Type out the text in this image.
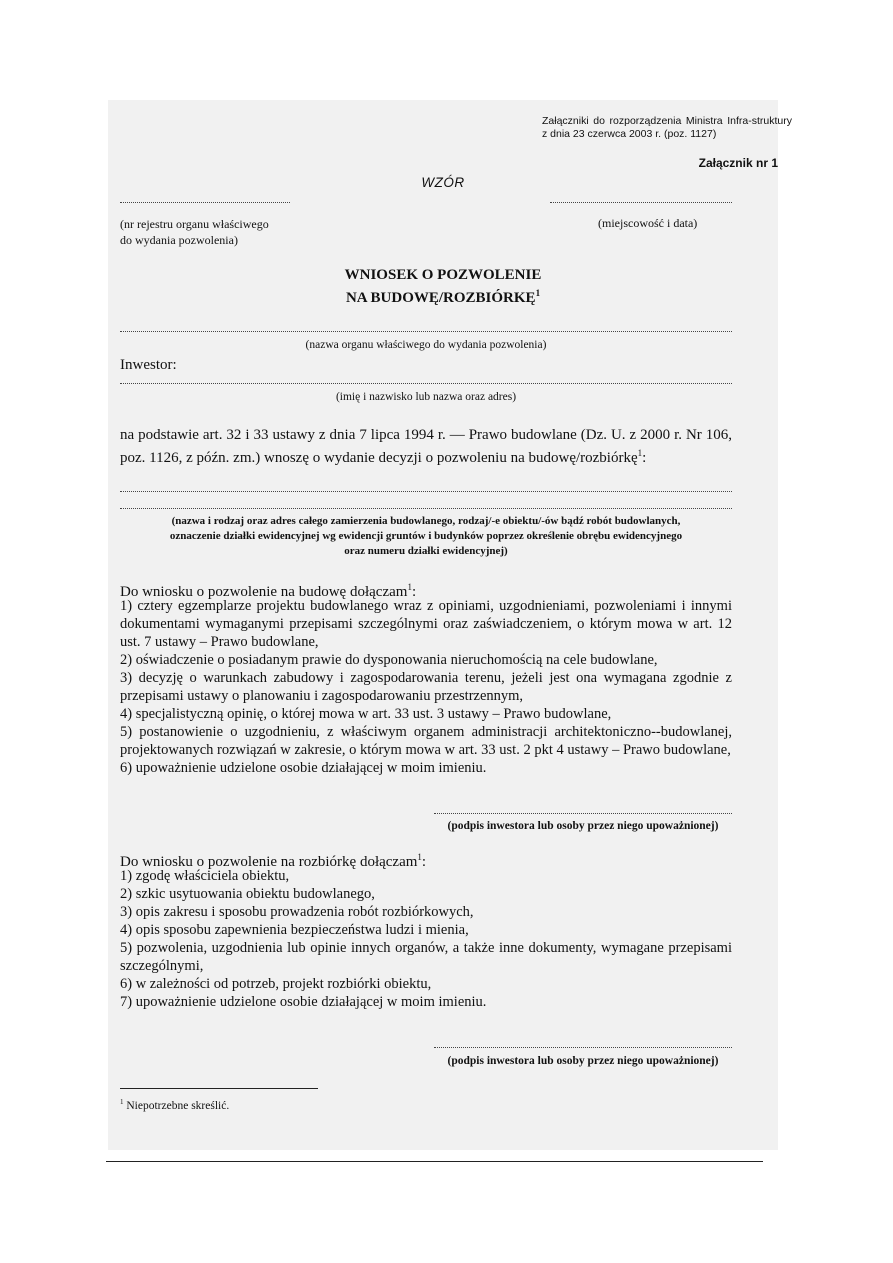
Załączniki do rozporządzenia Ministra Infra-struktury z dnia 23 czerwca 2003 r. (poz. 1127)
Załącznik nr 1
WZÓR
(nr rejestru organu właściwego
do wydania pozwolenia)
(miejscowość i data)
WNIOSEK O POZWOLENIE
NA BUDOWĘ/ROZBIÓRKĘ$^1$
(nazwa organu właściwego do wydania pozwolenia)
Inwestor:
(imię i nazwisko lub nazwa oraz adres)
na podstawie art. 32 i 33 ustawy z dnia 7 lipca 1994 r. — Prawo budowlane (Dz. U. z 2000 r. Nr 106, poz. 1126, z późn. zm.) wnoszę o wydanie decyzji o pozwoleniu na budowę/rozbiórkę$^1$:
(nazwa i rodzaj oraz adres całego zamierzenia budowlanego, rodzaj/-e obiektu/-ów bądź robót budowlanych,
oznaczenie działki ewidencyjnej wg ewidencji gruntów i budynków poprzez określenie obrębu ewidencyjnego
oraz numeru działki ewidencyjnej)
Do wniosku o pozwolenie na budowę dołączam$^1$:
1) cztery egzemplarze projektu budowlanego wraz z opiniami, uzgodnieniami, pozwoleniami i innymi dokumentami wymaganymi przepisami szczególnymi oraz zaświadczeniem, o którym mowa w art. 12 ust. 7 ustawy – Prawo budowlane,
2) oświadczenie o posiadanym prawie do dysponowania nieruchomością na cele budowlane,
3) decyzję o warunkach zabudowy i zagospodarowania terenu, jeżeli jest ona wymagana zgodnie z przepisami ustawy o planowaniu i zagospodarowaniu przestrzennym,
4) specjalistyczną opinię, o której mowa w art. 33 ust. 3 ustawy – Prawo budowlane,
5) postanowienie o uzgodnieniu, z właściwym organem administracji architektoniczno--budowlanej, projektowanych rozwiązań w zakresie, o którym mowa w art. 33 ust. 2 pkt 4 ustawy – Prawo budowlane,
6) upoważnienie udzielone osobie działającej w moim imieniu.
(podpis inwestora lub osoby przez niego upoważnionej)
Do wniosku o pozwolenie na rozbiórkę dołączam$^1$:
1) zgodę właściciela obiektu,
2) szkic usytuowania obiektu budowlanego,
3) opis zakresu i sposobu prowadzenia robót rozbiórkowych,
4) opis sposobu zapewnienia bezpieczeństwa ludzi i mienia,
5) pozwolenia, uzgodnienia lub opinie innych organów, a także inne dokumenty, wymagane przepisami szczególnymi,
6) w zależności od potrzeb, projekt rozbiórki obiektu,
7) upoważnienie udzielone osobie działającej w moim imieniu.
(podpis inwestora lub osoby przez niego upoważnionej)
$^1$ Niepotrzebne skreślić.
